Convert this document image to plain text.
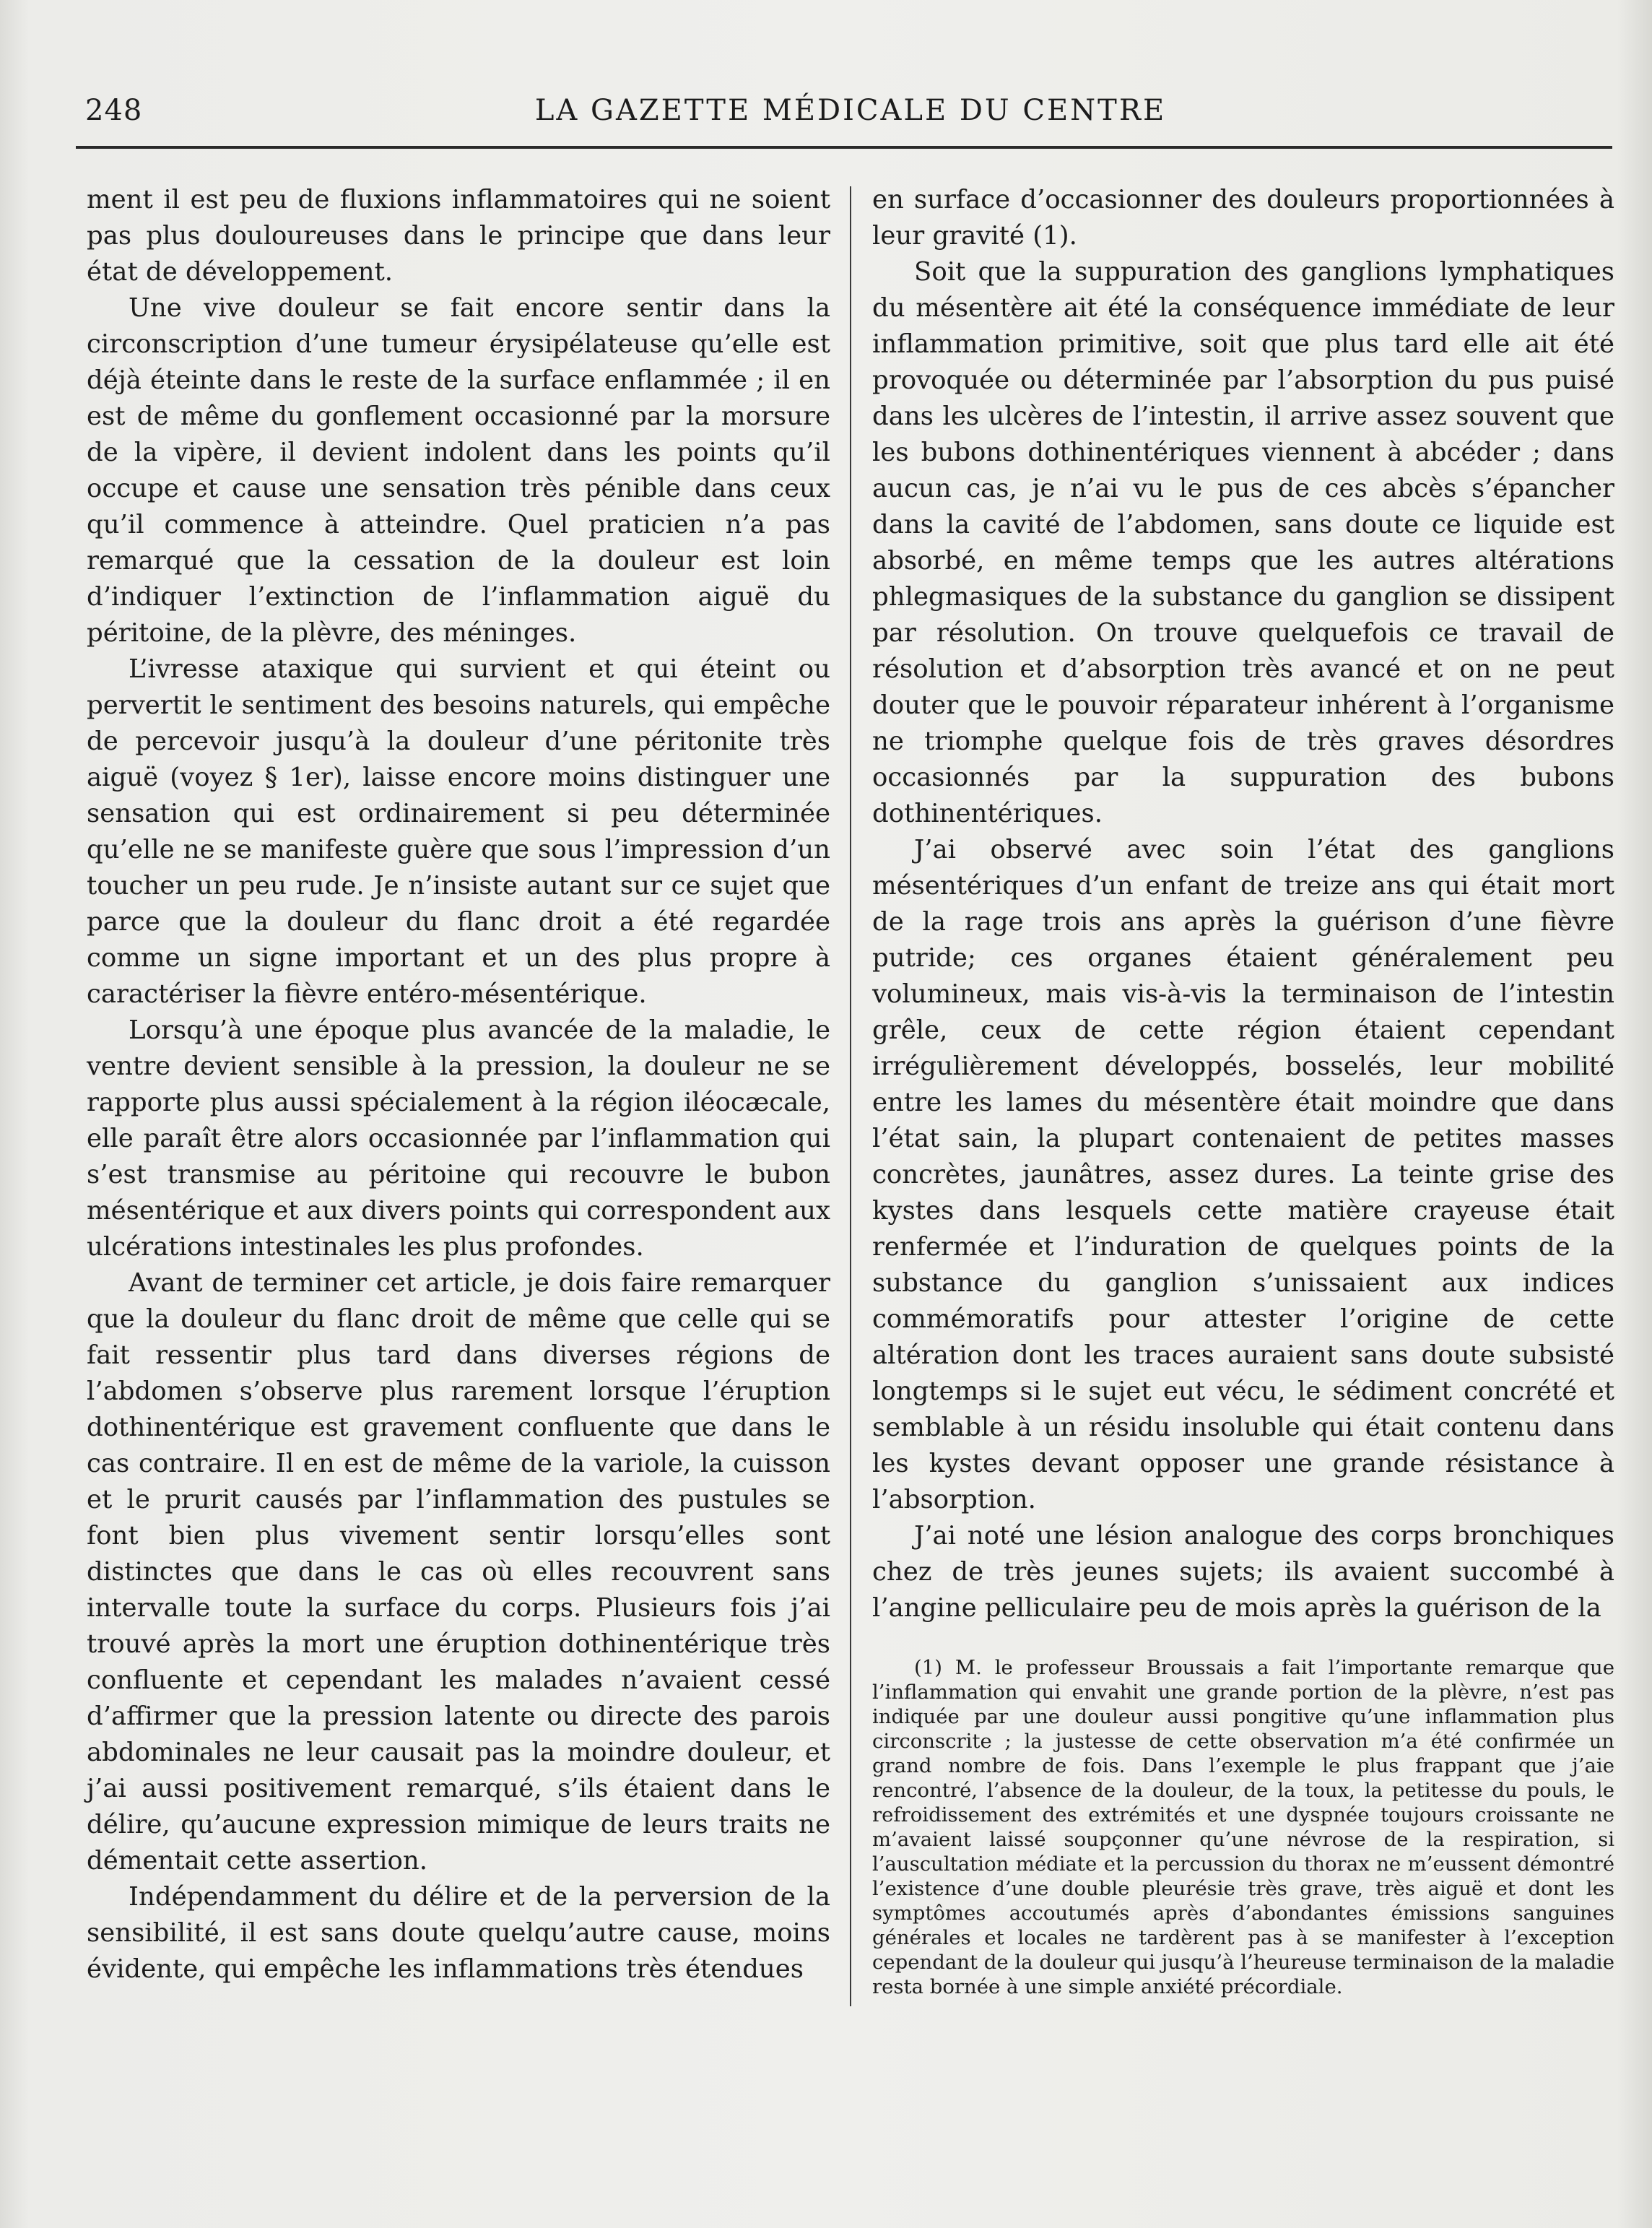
248	LA GAZETTE MÉDICALE DU CENTRE

ment il est peu de fluxions inflammatoires qui ne soient pas plus douloureuses dans le principe que dans leur état de développement.

Une vive douleur se fait encore sentir dans la circonscription d’une tumeur érysipélateuse qu’elle est déjà éteinte dans le reste de la surface enflammée ; il en est de même du gonflement occasionné par la morsure de la vipère, il devient indolent dans les points qu’il occupe et cause une sensation très pénible dans ceux qu’il commence à atteindre. Quel praticien n’a pas remarqué que la cessation de la douleur est loin d’indiquer l’extinction de l’inflammation aiguë du péritoine, de la plèvre, des méninges.

L’ivresse ataxique qui survient et qui éteint ou pervertit le sentiment des besoins naturels, qui empêche de percevoir jusqu’à la douleur d’une péritonite très aiguë (voyez § 1er), laisse encore moins distinguer une sensation qui est ordinairement si peu déterminée qu’elle ne se manifeste guère que sous l’impression d’un toucher un peu rude. Je n’insiste autant sur ce sujet que parce que la douleur du flanc droit a été regardée comme un signe important et un des plus propre à caractériser la fièvre entéro-mésentérique.

Lorsqu’à une époque plus avancée de la maladie, le ventre devient sensible à la pression, la douleur ne se rapporte plus aussi spécialement à la région iléocæcale, elle paraît être alors occasionnée par l’inflammation qui s’est transmise au péritoine qui recouvre le bubon mésentérique et aux divers points qui correspondent aux ulcérations intestinales les plus profondes.

Avant de terminer cet article, je dois faire remarquer que la douleur du flanc droit de même que celle qui se fait ressentir plus tard dans diverses régions de l’abdomen s’observe plus rarement lorsque l’éruption dothinentérique est gravement confluente que dans le cas contraire. Il en est de même de la variole, la cuisson et le prurit causés par l’inflammation des pustules se font bien plus vivement sentir lorsqu’elles sont distinctes que dans le cas où elles recouvrent sans intervalle toute la surface du corps. Plusieurs fois j’ai trouvé après la mort une éruption dothinentérique très confluente et cependant les malades n’avaient cessé d’affirmer que la pression latente ou directe des parois abdominales ne leur causait pas la moindre douleur, et j’ai aussi positivement remarqué, s’ils étaient dans le délire, qu’aucune expression mimique de leurs traits ne démentait cette assertion.

Indépendamment du délire et de la perversion de la sensibilité, il est sans doute quelqu’autre cause, moins évidente, qui empêche les inflammations très étendues

en surface d’occasionner des douleurs proportionnées à leur gravité (1).

Soit que la suppuration des ganglions lymphatiques du mésentère ait été la conséquence immédiate de leur inflammation primitive, soit que plus tard elle ait été provoquée ou déterminée par l’absorption du pus puisé dans les ulcères de l’intestin, il arrive assez souvent que les bubons dothinentériques viennent à abcéder ; dans aucun cas, je n’ai vu le pus de ces abcès s’épancher dans la cavité de l’abdomen, sans doute ce liquide est absorbé, en même temps que les autres altérations phlegmasiques de la substance du ganglion se dissipent par résolution. On trouve quelquefois ce travail de résolution et d’absorption très avancé et on ne peut douter que le pouvoir réparateur inhérent à l’organisme ne triomphe quelque fois de très graves désordres occasionnés par la suppuration des bubons dothinentériques.

J’ai observé avec soin l’état des ganglions mésentériques d’un enfant de treize ans qui était mort de la rage trois ans après la guérison d’une fièvre putride; ces organes étaient généralement peu volumineux, mais vis-à-vis la terminaison de l’intestin grêle, ceux de cette région étaient cependant irrégulièrement développés, bosselés, leur mobilité entre les lames du mésentère était moindre que dans l’état sain, la plupart contenaient de petites masses concrètes, jaunâtres, assez dures. La teinte grise des kystes dans lesquels cette matière crayeuse était renfermée et l’induration de quelques points de la substance du ganglion s’unissaient aux indices commémoratifs pour attester l’origine de cette altération dont les traces auraient sans doute subsisté longtemps si le sujet eut vécu, le sédiment concrété et semblable à un résidu insoluble qui était contenu dans les kystes devant opposer une grande résistance à l’absorption.

J’ai noté une lésion analogue des corps bronchiques chez de très jeunes sujets; ils avaient succombé à l’angine pelliculaire peu de mois après la guérison de la

(1) M. le professeur Broussais a fait l’importante remarque que l’inflammation qui envahit une grande portion de la plèvre, n’est pas indiquée par une douleur aussi pongitive qu’une inflammation plus circonscrite ; la justesse de cette observation m’a été confirmée un grand nombre de fois. Dans l’exemple le plus frappant que j’aie rencontré, l’absence de la douleur, de la toux, la petitesse du pouls, le refroidissement des extrémités et une dyspnée toujours croissante ne m’avaient laissé soupçonner qu’une névrose de la respiration, si l’auscultation médiate et la percussion du thorax ne m’eussent démontré l’existence d’une double pleurésie très grave, très aiguë et dont les symptômes accoutumés après d’abondantes émissions sanguines générales et locales ne tardèrent pas à se manifester à l’exception cependant de la douleur qui jusqu’à l’heureuse terminaison de la maladie resta bornée à une simple anxiété précordiale.
